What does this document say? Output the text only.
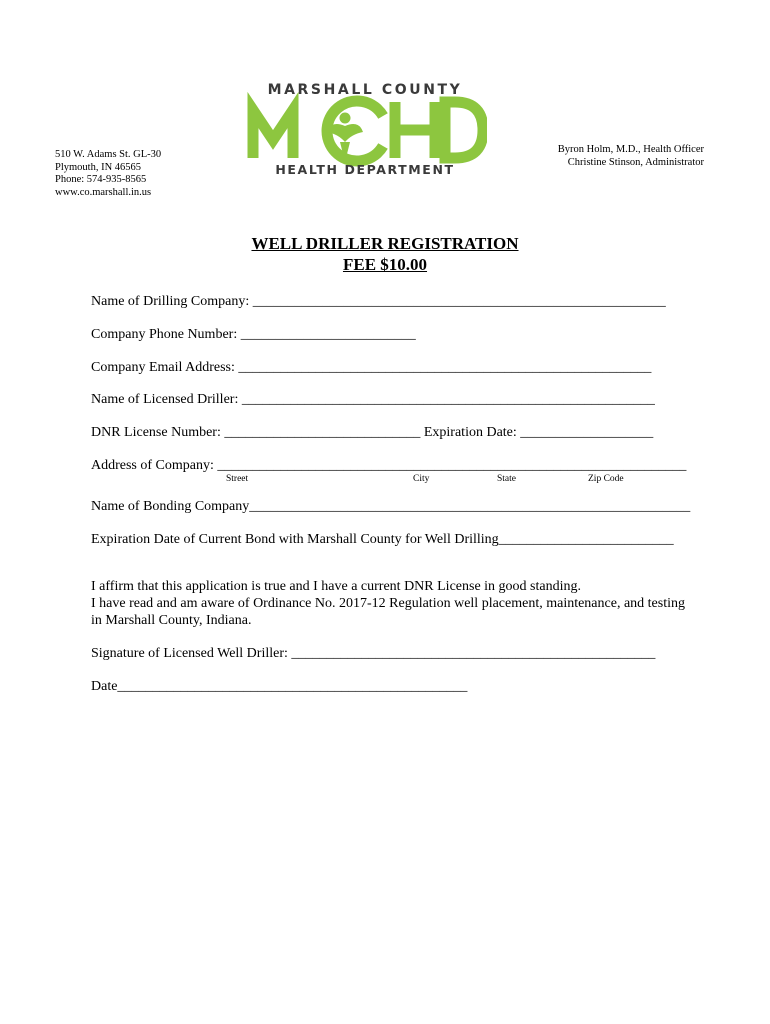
510 W. Adams St. GL-30
Plymouth, IN 46565
Phone: 574-935-8565
www.co.marshall.in.us
MARSHALL COUNTY
HEALTH DEPARTMENT
Byron Holm, M.D., Health Officer
Christine Stinson, Administrator
WELL DRILLER REGISTRATION
FEE $10.00
Name of Drilling Company: ___________________________________________________________
Company Phone Number: _________________________
Company Email Address: ___________________________________________________________
Name of Licensed Driller: ___________________________________________________________
DNR License Number: ____________________________ Expiration Date: ___________________
Address of Company: ___________________________________________________________________
Street	City	State	Zip Code
Name of Bonding Company_______________________________________________________________
Expiration Date of Current Bond with Marshall County for Well Drilling_________________________
I affirm that this application is true and I have a current DNR License in good standing.
I have read and am aware of Ordinance No. 2017-12 Regulation well placement, maintenance, and testing in Marshall County, Indiana.
Signature of Licensed Well Driller: ____________________________________________________
Date__________________________________________________
